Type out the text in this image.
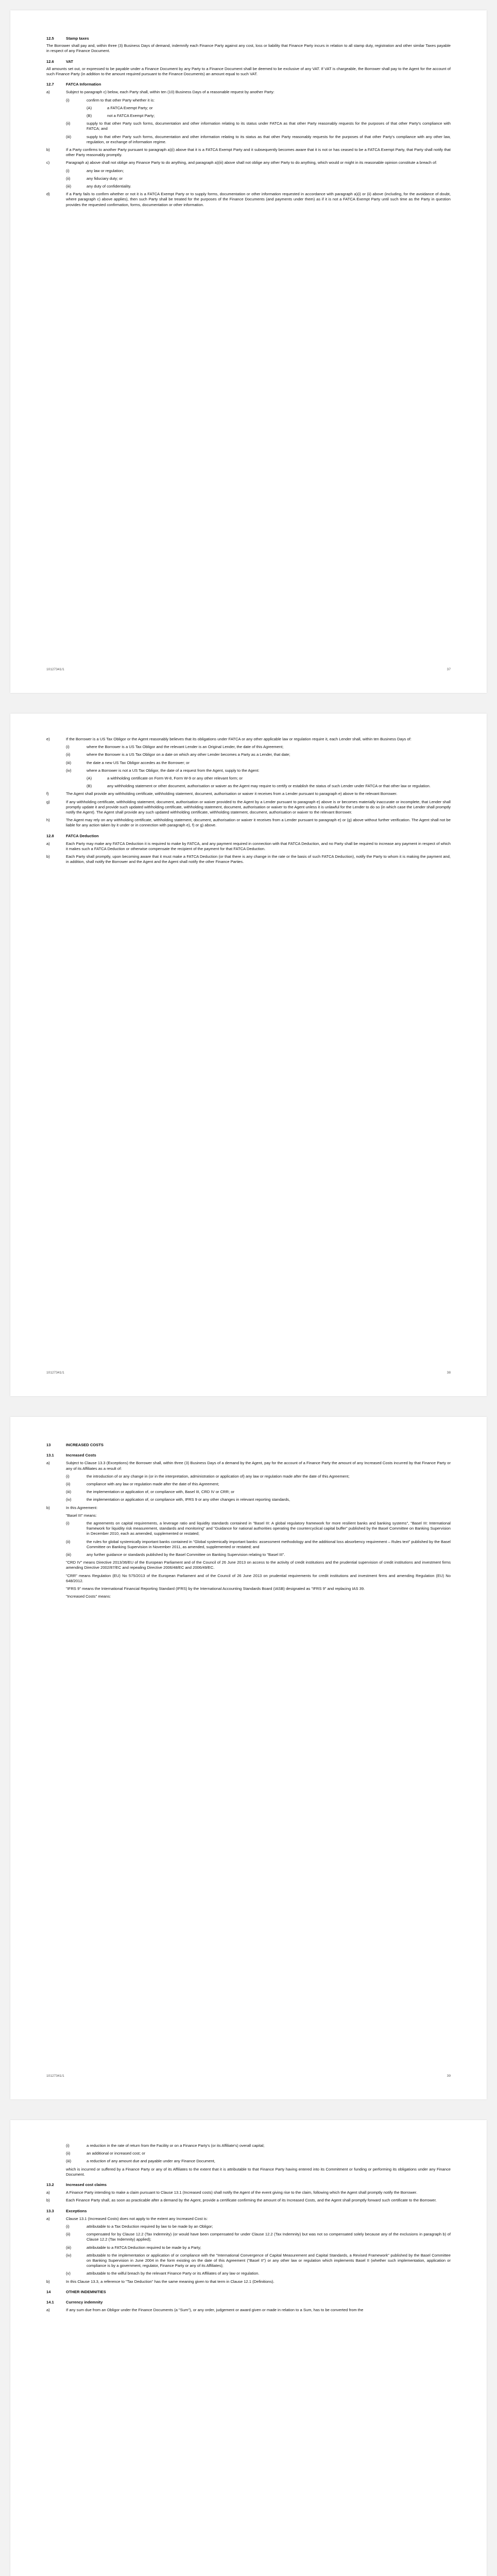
12.5	Stamp taxes
The Borrower shall pay and, within three (3) Business Days of demand, indemnify each Finance Party against any cost, loss or liability that Finance Party incurs in relation to all stamp duty, registration and other similar Taxes payable in respect of any Finance Document.
12.6	VAT
All amounts set out, or expressed to be payable under a Finance Document by any Party to a Finance Document shall be deemed to be exclusive of any VAT. If VAT is chargeable, the Borrower shall pay to the Agent for the account of such Finance Party (in addition to the amount required pursuant to the Finance Documents) an amount equal to such VAT.
12.7	FATCA Information
a)	Subject to paragraph c) below, each Party shall, within ten (10) Business Days of a reasonable request by another Party:
(i)	confirm to that other Party whether it is:
(A)	a FATCA Exempt Party; or
(B)	not a FATCA Exempt Party;
(ii)	supply to that other Party such forms, documentation and other information relating to its status under FATCA as that other Party reasonably requests for the purposes of that other Party's compliance with FATCA; and
(iii)	supply to that other Party such forms, documentation and other information relating to its status as that other Party reasonably requests for the purposes of that other Party's compliance with any other law, regulation, or exchange of information regime.
b)	If a Party confirms to another Party pursuant to paragraph a)(i) above that it is a FATCA Exempt Party and it subsequently becomes aware that it is not or has ceased to be a FATCA Exempt Party, that Party shall notify that other Party reasonably promptly.
c)	Paragraph a) above shall not oblige any Finance Party to do anything, and paragraph a)(iii) above shall not oblige any other Party to do anything, which would or might in its reasonable opinion constitute a breach of:
(i)	any law or regulation;
(ii)	any fiduciary duty; or
(iii)	any duty of confidentiality.
d)	If a Party fails to confirm whether or not it is a FATCA Exempt Party or to supply forms, documentation or other information requested in accordance with paragraph a)(i) or (ii) above (including, for the avoidance of doubt, where paragraph c) above applies), then such Party shall be treated for the purposes of the Finance Documents (and payments under them) as if it is not a FATCA Exempt Party until such time as the Party in question provides the requested confirmation, forms, documentation or other information.
10127341/1	37
e)	If the Borrower is a US Tax Obligor or the Agent reasonably believes that its obligations under FATCA or any other applicable law or regulation require it, each Lender shall, within ten Business Days of:
(i)	where the Borrower is a US Tax Obligor and the relevant Lender is an Original Lender, the date of this Agreement;
(ii)	where the Borrower is a US Tax Obligor on a date on which any other Lender becomes a Party as a Lender, that date;
(iii)	the date a new US Tax Obligor accedes as the Borrower; or
(iv)	where a Borrower is not a US Tax Obligor, the date of a request from the Agent, supply to the Agent:
(A)	a withholding certificate on Form W-8, Form W-9 or any other relevant form; or
(B)	any withholding statement or other document, authorisation or waiver as the Agent may require to certify or establish the status of such Lender under FATCA or that other law or regulation.
f)	The Agent shall provide any withholding certificate, withholding statement, document, authorisation or waiver it receives from a Lender pursuant to paragraph e) above to the relevant Borrower.
g)	If any withholding certificate, withholding statement, document, authorisation or waiver provided to the Agent by a Lender pursuant to paragraph e) above is or becomes materially inaccurate or incomplete, that Lender shall promptly update it and provide such updated withholding certificate, withholding statement, document, authorisation or waiver to the Agent unless it is unlawful for the Lender to do so (in which case the Lender shall promptly notify the Agent). The Agent shall provide any such updated withholding certificate, withholding statement, document, authorisation or waiver to the relevant Borrower.
h)	The Agent may rely on any withholding certificate, withholding statement, document, authorisation or waiver it receives from a Lender pursuant to paragraph e) or (g) above without further verification. The Agent shall not be liable for any action taken by it under or in connection with paragraph e), f) or g) above.
12.8	FATCA Deduction
a)	Each Party may make any FATCA Deduction it is required to make by FATCA, and any payment required in connection with that FATCA Deduction, and no Party shall be required to increase any payment in respect of which it makes such a FATCA Deduction or otherwise compensate the recipient of the payment for that FATCA Deduction.
b)	Each Party shall promptly, upon becoming aware that it must make a FATCA Deduction (or that there is any change in the rate or the basis of such FATCA Deduction), notify the Party to whom it is making the payment and, in addition, shall notify the Borrower and the Agent and the Agent shall notify the other Finance Parties.
10127341/1	38
13	INCREASED COSTS
13.1	Increased Costs
a)	Subject to Clause 13.3 (Exceptions) the Borrower shall, within three (3) Business Days of a demand by the Agent, pay for the account of a Finance Party the amount of any Increased Costs incurred by that Finance Party or any of its Affiliates as a result of:
(i)	the introduction of or any change in (or in the interpretation, administration or application of) any law or regulation made after the date of this Agreement;
(ii)	compliance with any law or regulation made after the date of this Agreement;
(iii)	the implementation or application of, or compliance with, Basel III, CRD IV or CRR; or
(iv)	the implementation or application of, or compliance with, IFRS 9 or any other changes in relevant reporting standards,
b)	In this Agreement:
"Basel III" means:
(i)	the agreements on capital requirements, a leverage ratio and liquidity standards contained in "Basel III: A global regulatory framework for more resilient banks and banking systems", "Basel III: International framework for liquidity risk measurement, standards and monitoring" and "Guidance for national authorities operating the countercyclical capital buffer" published by the Basel Committee on Banking Supervision in December 2010, each as amended, supplemented or restated;
(ii)	the rules for global systemically important banks contained in "Global systemically important banks: assessment methodology and the additional loss absorbency requirement – Rules text" published by the Basel Committee on Banking Supervision in November 2011, as amended, supplemented or restated; and
(iii)	any further guidance or standards published by the Basel Committee on Banking Supervision relating to "Basel III".
"CRD IV" means Directive 2013/36/EU of the European Parliament and of the Council of 26 June 2013 on access to the activity of credit institutions and the prudential supervision of credit institutions and investment firms amending Directive 2002/87/EC and repealing Directive 2006/48/EC and 2006/49/EC.
"CRR" means Regulation (EU) No 575/2013 of the European Parliament and of the Council of 26 June 2013 on prudential requirements for credit institutions and investment firms and amending Regulation (EU) No 648/2012.
"IFRS 9" means the International Financial Reporting Standard (IFRS) by the International Accounting Standards Board (IASB) designated as "IFRS 9" and replacing IAS 39.
"Increased Costs" means:
10127341/1	39
(i)	a reduction in the rate of return from the Facility or on a Finance Party's (or its Affiliate's) overall capital;
(ii)	an additional or increased cost; or
(iii)	a reduction of any amount due and payable under any Finance Document,
which is incurred or suffered by a Finance Party or any of its Affiliates to the extent that it is attributable to that Finance Party having entered into its Commitment or funding or performing its obligations under any Finance Document.
13.2	Increased cost claims
a)	A Finance Party intending to make a claim pursuant to Clause 13.1 (Increased costs) shall notify the Agent of the event giving rise to the claim, following which the Agent shall promptly notify the Borrower.
b)	Each Finance Party shall, as soon as practicable after a demand by the Agent, provide a certificate confirming the amount of its Increased Costs, and the Agent shall promptly forward such certificate to the Borrower.
13.3	Exceptions
a)	Clause 13.1 (Increased Costs) does not apply to the extent any Increased Cost is:
(i)	attributable to a Tax Deduction required by law to be made by an Obligor;
(ii)	compensated for by Clause 12.2 (Tax Indemnity) (or would have been compensated for under Clause 12.2 (Tax Indemnity) but was not so compensated solely because any of the exclusions in paragraph b) of Clause 12.2 (Tax Indemnity) applied);
(iii)	attributable to a FATCA Deduction required to be made by a Party;
(iv)	attributable to the implementation or application of or compliance with the "International Convergence of Capital Measurement and Capital Standards, a Revised Framework" published by the Basel Committee on Banking Supervision in June 2004 in the form existing on the date of this Agreement ("Basel II") or any other law or regulation which implements Basel II (whether such implementation, application or compliance is by a government, regulator, Finance Party or any of its Affiliates);
(v)	attributable to the wilful breach by the relevant Finance Party or its Affiliates of any law or regulation.
b)	In this Clause 13.3, a reference to "Tax Deduction" has the same meaning given to that term in Clause 12.1 (Definitions).
14	OTHER INDEMNITIES
14.1	Currency indemnity
a)	If any sum due from an Obligor under the Finance Documents (a "Sum"), or any order, judgement or award given or made in relation to a Sum, has to be converted from the
